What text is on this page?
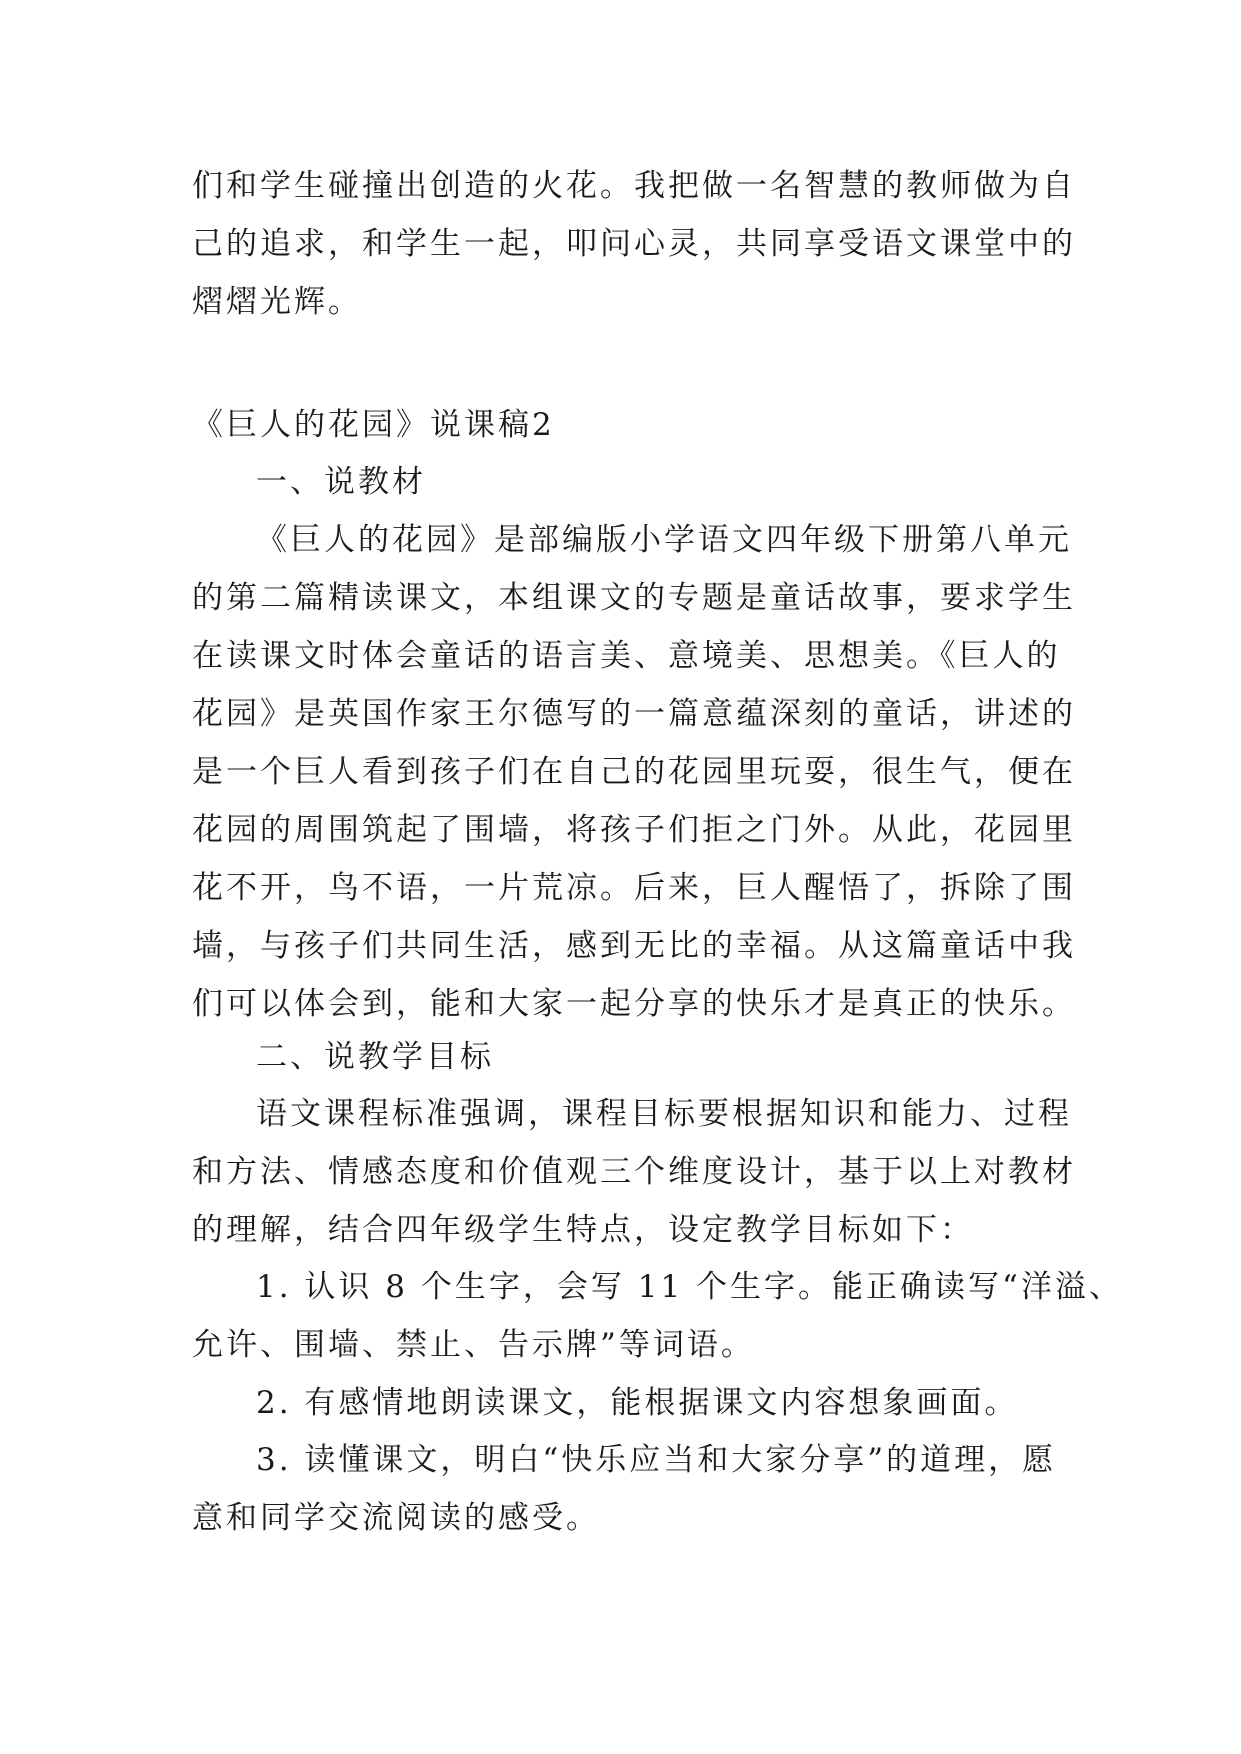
们和学生碰撞出创造的火花。我把做一名智慧的教师做为自
己的追求，和学生一起，叩问心灵，共同享受语文课堂中的
熠熠光辉。

《巨人的花园》说课稿2

一、说教材

《巨人的花园》是部编版小学语文四年级下册第八单元
的第二篇精读课文，本组课文的专题是童话故事，要求学生
在读课文时体会童话的语言美、意境美、思想美。《巨人的
花园》是英国作家王尔德写的一篇意蕴深刻的童话，讲述的
是一个巨人看到孩子们在自己的花园里玩耍，很生气，便在
花园的周围筑起了围墙，将孩子们拒之门外。从此，花园里
花不开，鸟不语，一片荒凉。后来，巨人醒悟了，拆除了围
墙，与孩子们共同生活，感到无比的幸福。从这篇童话中我
们可以体会到，能和大家一起分享的快乐才是真正的快乐。

二、说教学目标

语文课程标准强调，课程目标要根据知识和能力、过程
和方法、情感态度和价值观三个维度设计，基于以上对教材
的理解，结合四年级学生特点，设定教学目标如下：

1. 认识 8 个生字，会写 11 个生字。能正确读写“洋溢、
允许、围墙、禁止、告示牌”等词语。

2. 有感情地朗读课文，能根据课文内容想象画面。

3. 读懂课文，明白“快乐应当和大家分享”的道理，愿
意和同学交流阅读的感受。
